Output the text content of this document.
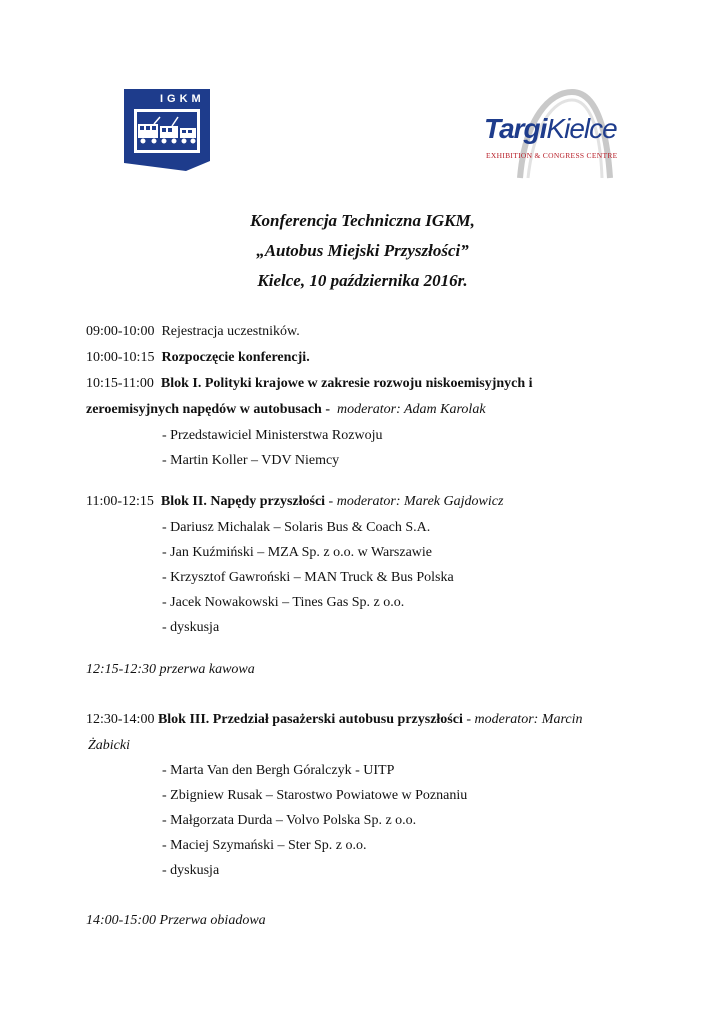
IGKM
TargiKielce
EXHIBITION & CONGRESS CENTRE
Konferencja Techniczna IGKM,
„Autobus Miejski Przyszłości”
Kielce, 10 października 2016r.
09:00-10:00 Rejestracja uczestników.
10:00-10:15 Rozpoczęcie konferencji.
10:15-11:00 Blok I. Polityki krajowe w zakresie rozwoju niskoemisyjnych i
zeroemisyjnych napędów w autobusach - moderator: Adam Karolak
- Przedstawiciel Ministerstwa Rozwoju
- Martin Koller – VDV Niemcy
11:00-12:15 Blok II. Napędy przyszłości - moderator: Marek Gajdowicz
- Dariusz Michalak – Solaris Bus & Coach S.A.
- Jan Kuźmiński – MZA Sp. z o.o. w Warszawie
- Krzysztof Gawroński – MAN Truck & Bus Polska
- Jacek Nowakowski – Tines Gas Sp. z o.o.
- dyskusja
12:15-12:30 przerwa kawowa
12:30-14:00 Blok III. Przedział pasażerski autobusu przyszłości - moderator: Marcin
Żabicki
- Marta Van den Bergh Góralczyk - UITP
- Zbigniew Rusak – Starostwo Powiatowe w Poznaniu
- Małgorzata Durda – Volvo Polska Sp. z o.o.
- Maciej Szymański – Ster Sp. z o.o.
- dyskusja
14:00-15:00 Przerwa obiadowa
